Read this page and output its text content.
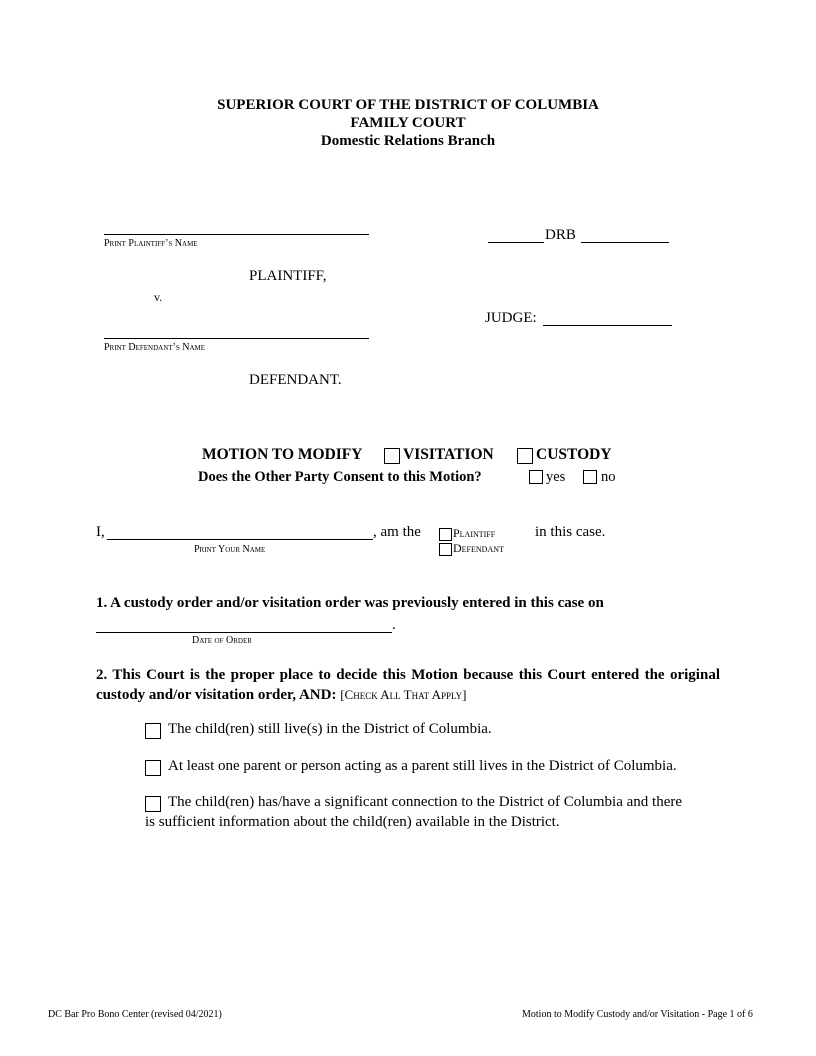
SUPERIOR COURT OF THE DISTRICT OF COLUMBIA
FAMILY COURT
Domestic Relations Branch
Print Plaintiff’s Name
PLAINTIFF,
v.
Print Defendant’s Name
DEFENDANT.
DRB
JUDGE:
MOTION TO MODIFY	VISITATION	CUSTODY
Does the Other Party Consent to this Motion?	yes no
I,	, am the
Print Your Name
Plaintiff
Defendant
in this case.
1. A custody order and/or visitation order was previously entered in this case on
.
Date of Order
2. This Court is the proper place to decide this Motion because this Court entered the original custody and/or visitation order, AND: [Check All That Apply]
The child(ren) still live(s) in the District of Columbia.
At least one parent or person acting as a parent still lives in the District of Columbia.
The child(ren) has/have a significant connection to the District of Columbia and there
is sufficient information about the child(ren) available in the District.
DC Bar Pro Bono Center (revised 04/2021)	Motion to Modify Custody and/or Visitation - Page 1 of 6
